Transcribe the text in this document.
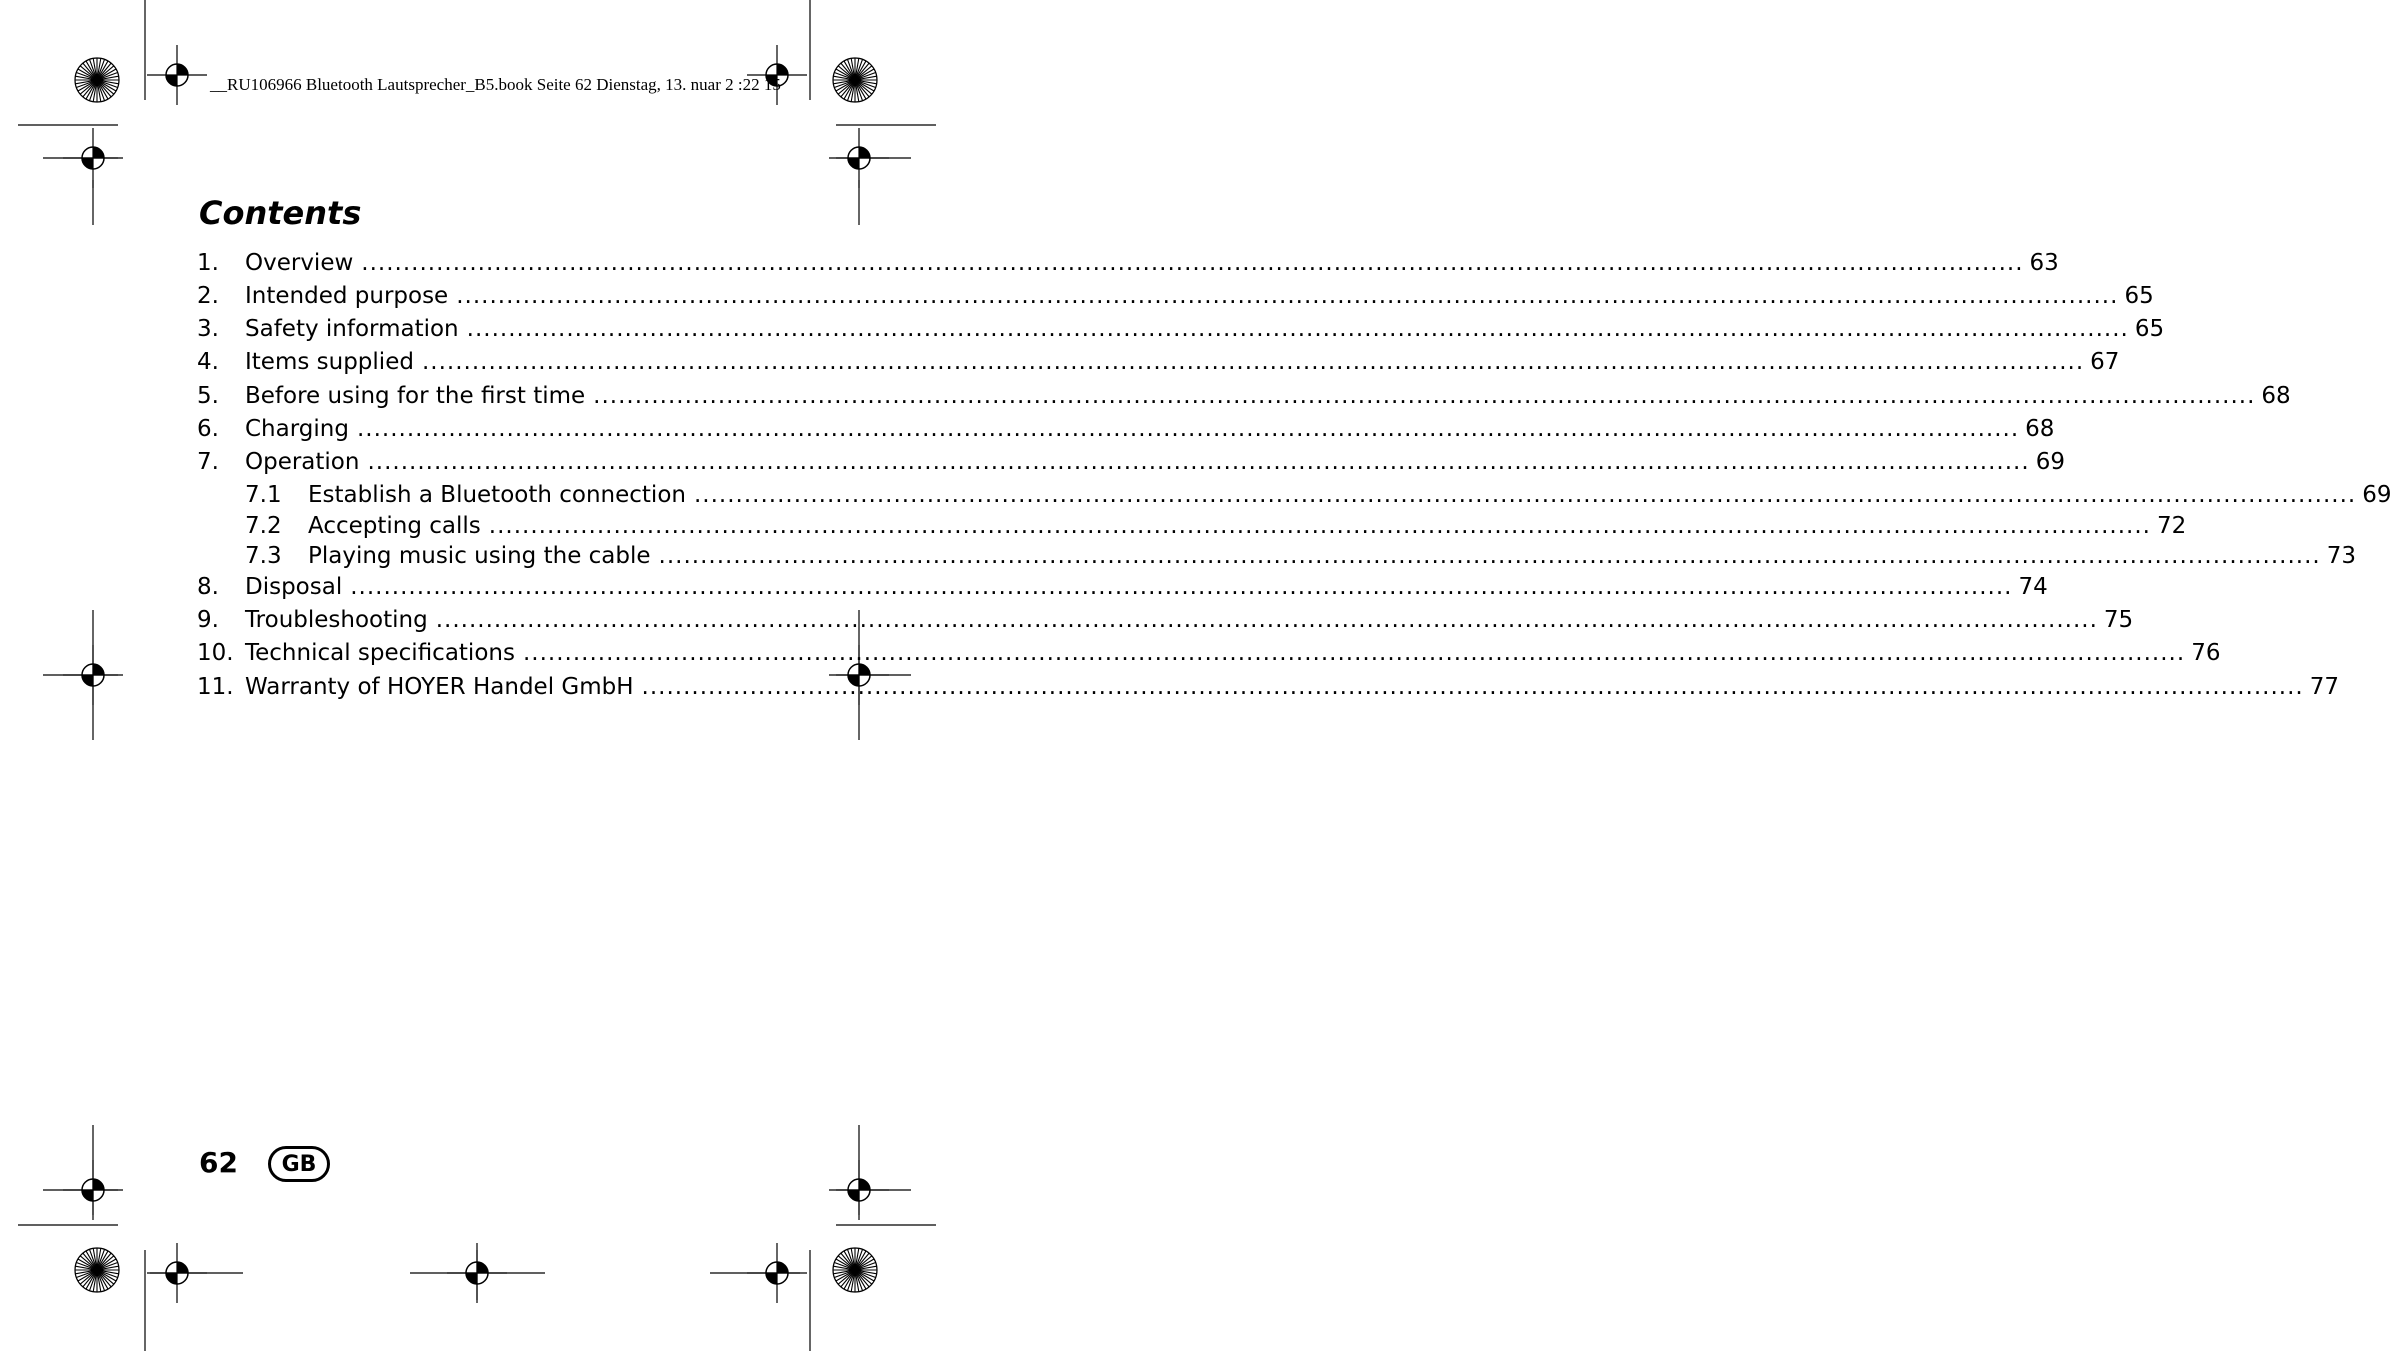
__RU106966 Bluetooth Lautsprecher_B5.book Seite 62 Dienstag, 13. nuar 2 :22 15
Contents
1.	Overview ........................................................................................................................................................................................................ 63
2.	Intended purpose ........................................................................................................................................................................................................ 65
3.	Safety information ........................................................................................................................................................................................................ 65
4.	Items supplied ........................................................................................................................................................................................................ 67
5.	Before using for the first time ........................................................................................................................................................................................................ 68
6.	Charging ........................................................................................................................................................................................................ 68
7.	Operation ........................................................................................................................................................................................................ 69
7.1	Establish a Bluetooth connection ........................................................................................................................................................................................................ 69
7.2	Accepting calls ........................................................................................................................................................................................................ 72
7.3	Playing music using the cable ........................................................................................................................................................................................................ 73
8.	Disposal ........................................................................................................................................................................................................ 74
9.	Troubleshooting ........................................................................................................................................................................................................ 75
10. Technical specifications ........................................................................................................................................................................................................ 76
11. Warranty of HOYER Handel GmbH ........................................................................................................................................................................................................ 77
62	GB
